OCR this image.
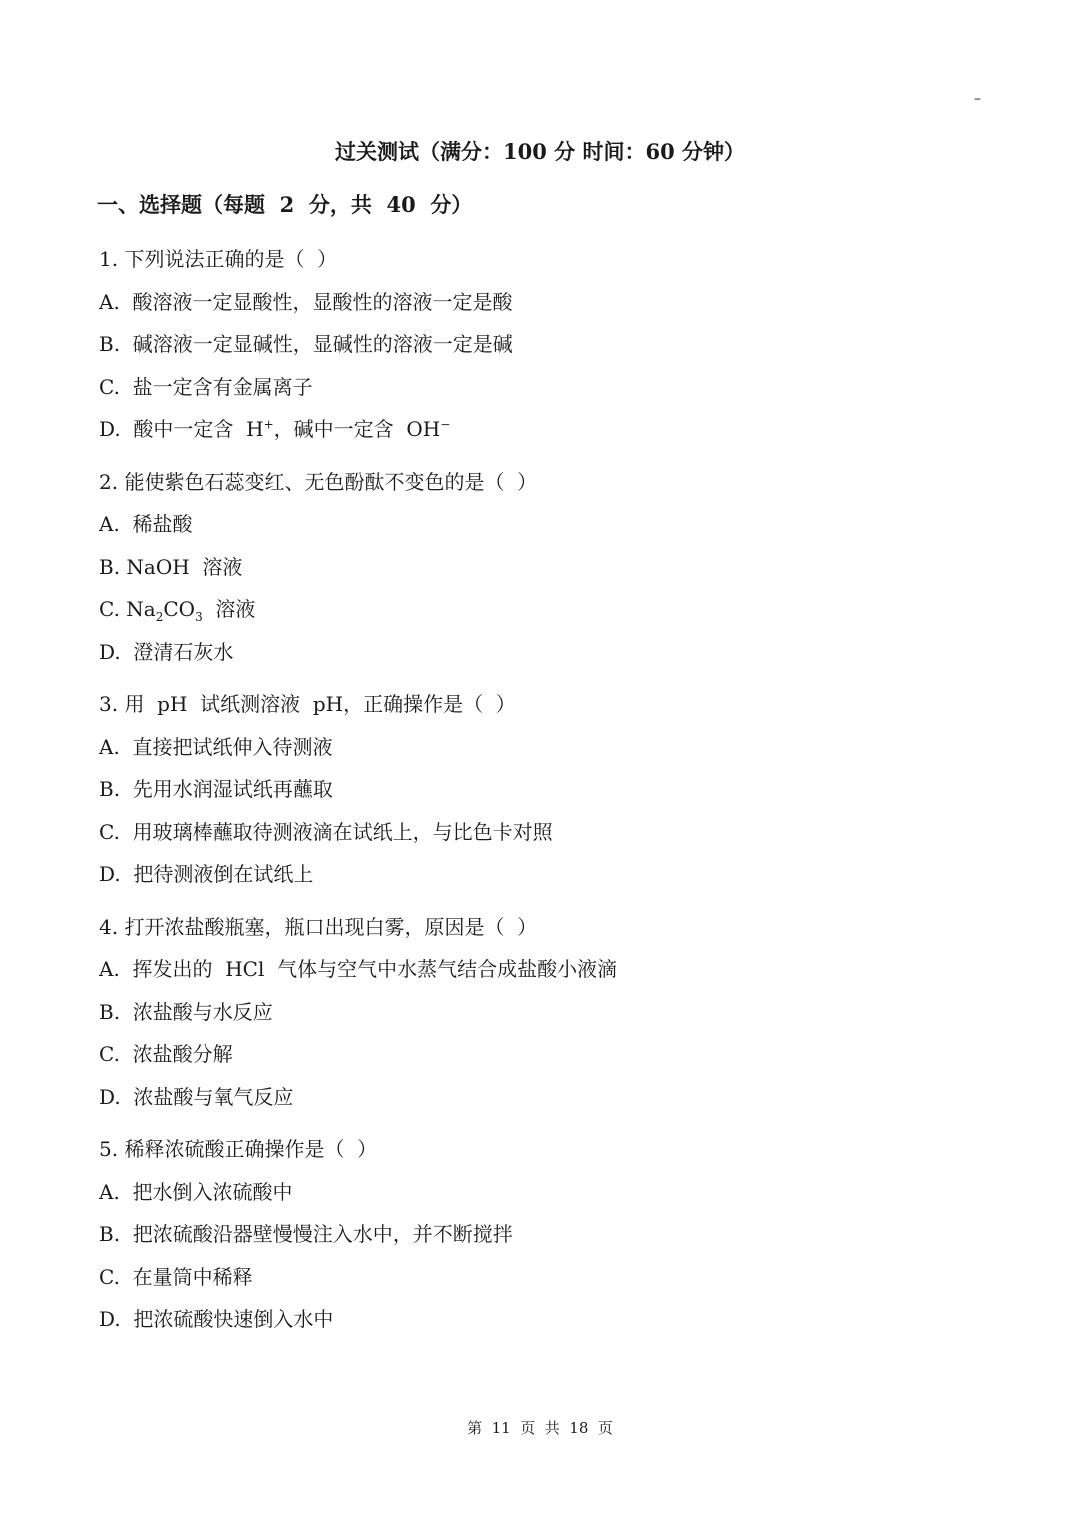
–
过关测试（满分：100 分 时间：60 分钟）
一、选择题（每题  2  分，共  40  分）
1. 下列说法正确的是（  ）
A.  酸溶液一定显酸性，显酸性的溶液一定是酸
B.  碱溶液一定显碱性，显碱性的溶液一定是碱
C.  盐一定含有金属离子
D.  酸中一定含  H+，碱中一定含  OH−
2. 能使紫色石蕊变红、无色酚酞不变色的是（  ）
A.  稀盐酸
B. NaOH  溶液
C. $Na_2CO_3$  溶液
D.  澄清石灰水
3. 用  pH  试纸测溶液  pH，正确操作是（  ）
A.  直接把试纸伸入待测液
B.  先用水润湿试纸再蘸取
C.  用玻璃棒蘸取待测液滴在试纸上，与比色卡对照
D.  把待测液倒在试纸上
4. 打开浓盐酸瓶塞，瓶口出现白雾，原因是（  ）
A.  挥发出的  HCl  气体与空气中水蒸气结合成盐酸小液滴
B.  浓盐酸与水反应
C.  浓盐酸分解
D.  浓盐酸与氧气反应
5. 稀释浓硫酸正确操作是（  ）
A.  把水倒入浓硫酸中
B.  把浓硫酸沿器壁慢慢注入水中，并不断搅拌
C.  在量筒中稀释
D.  把浓硫酸快速倒入水中
第  11  页  共  18  页
